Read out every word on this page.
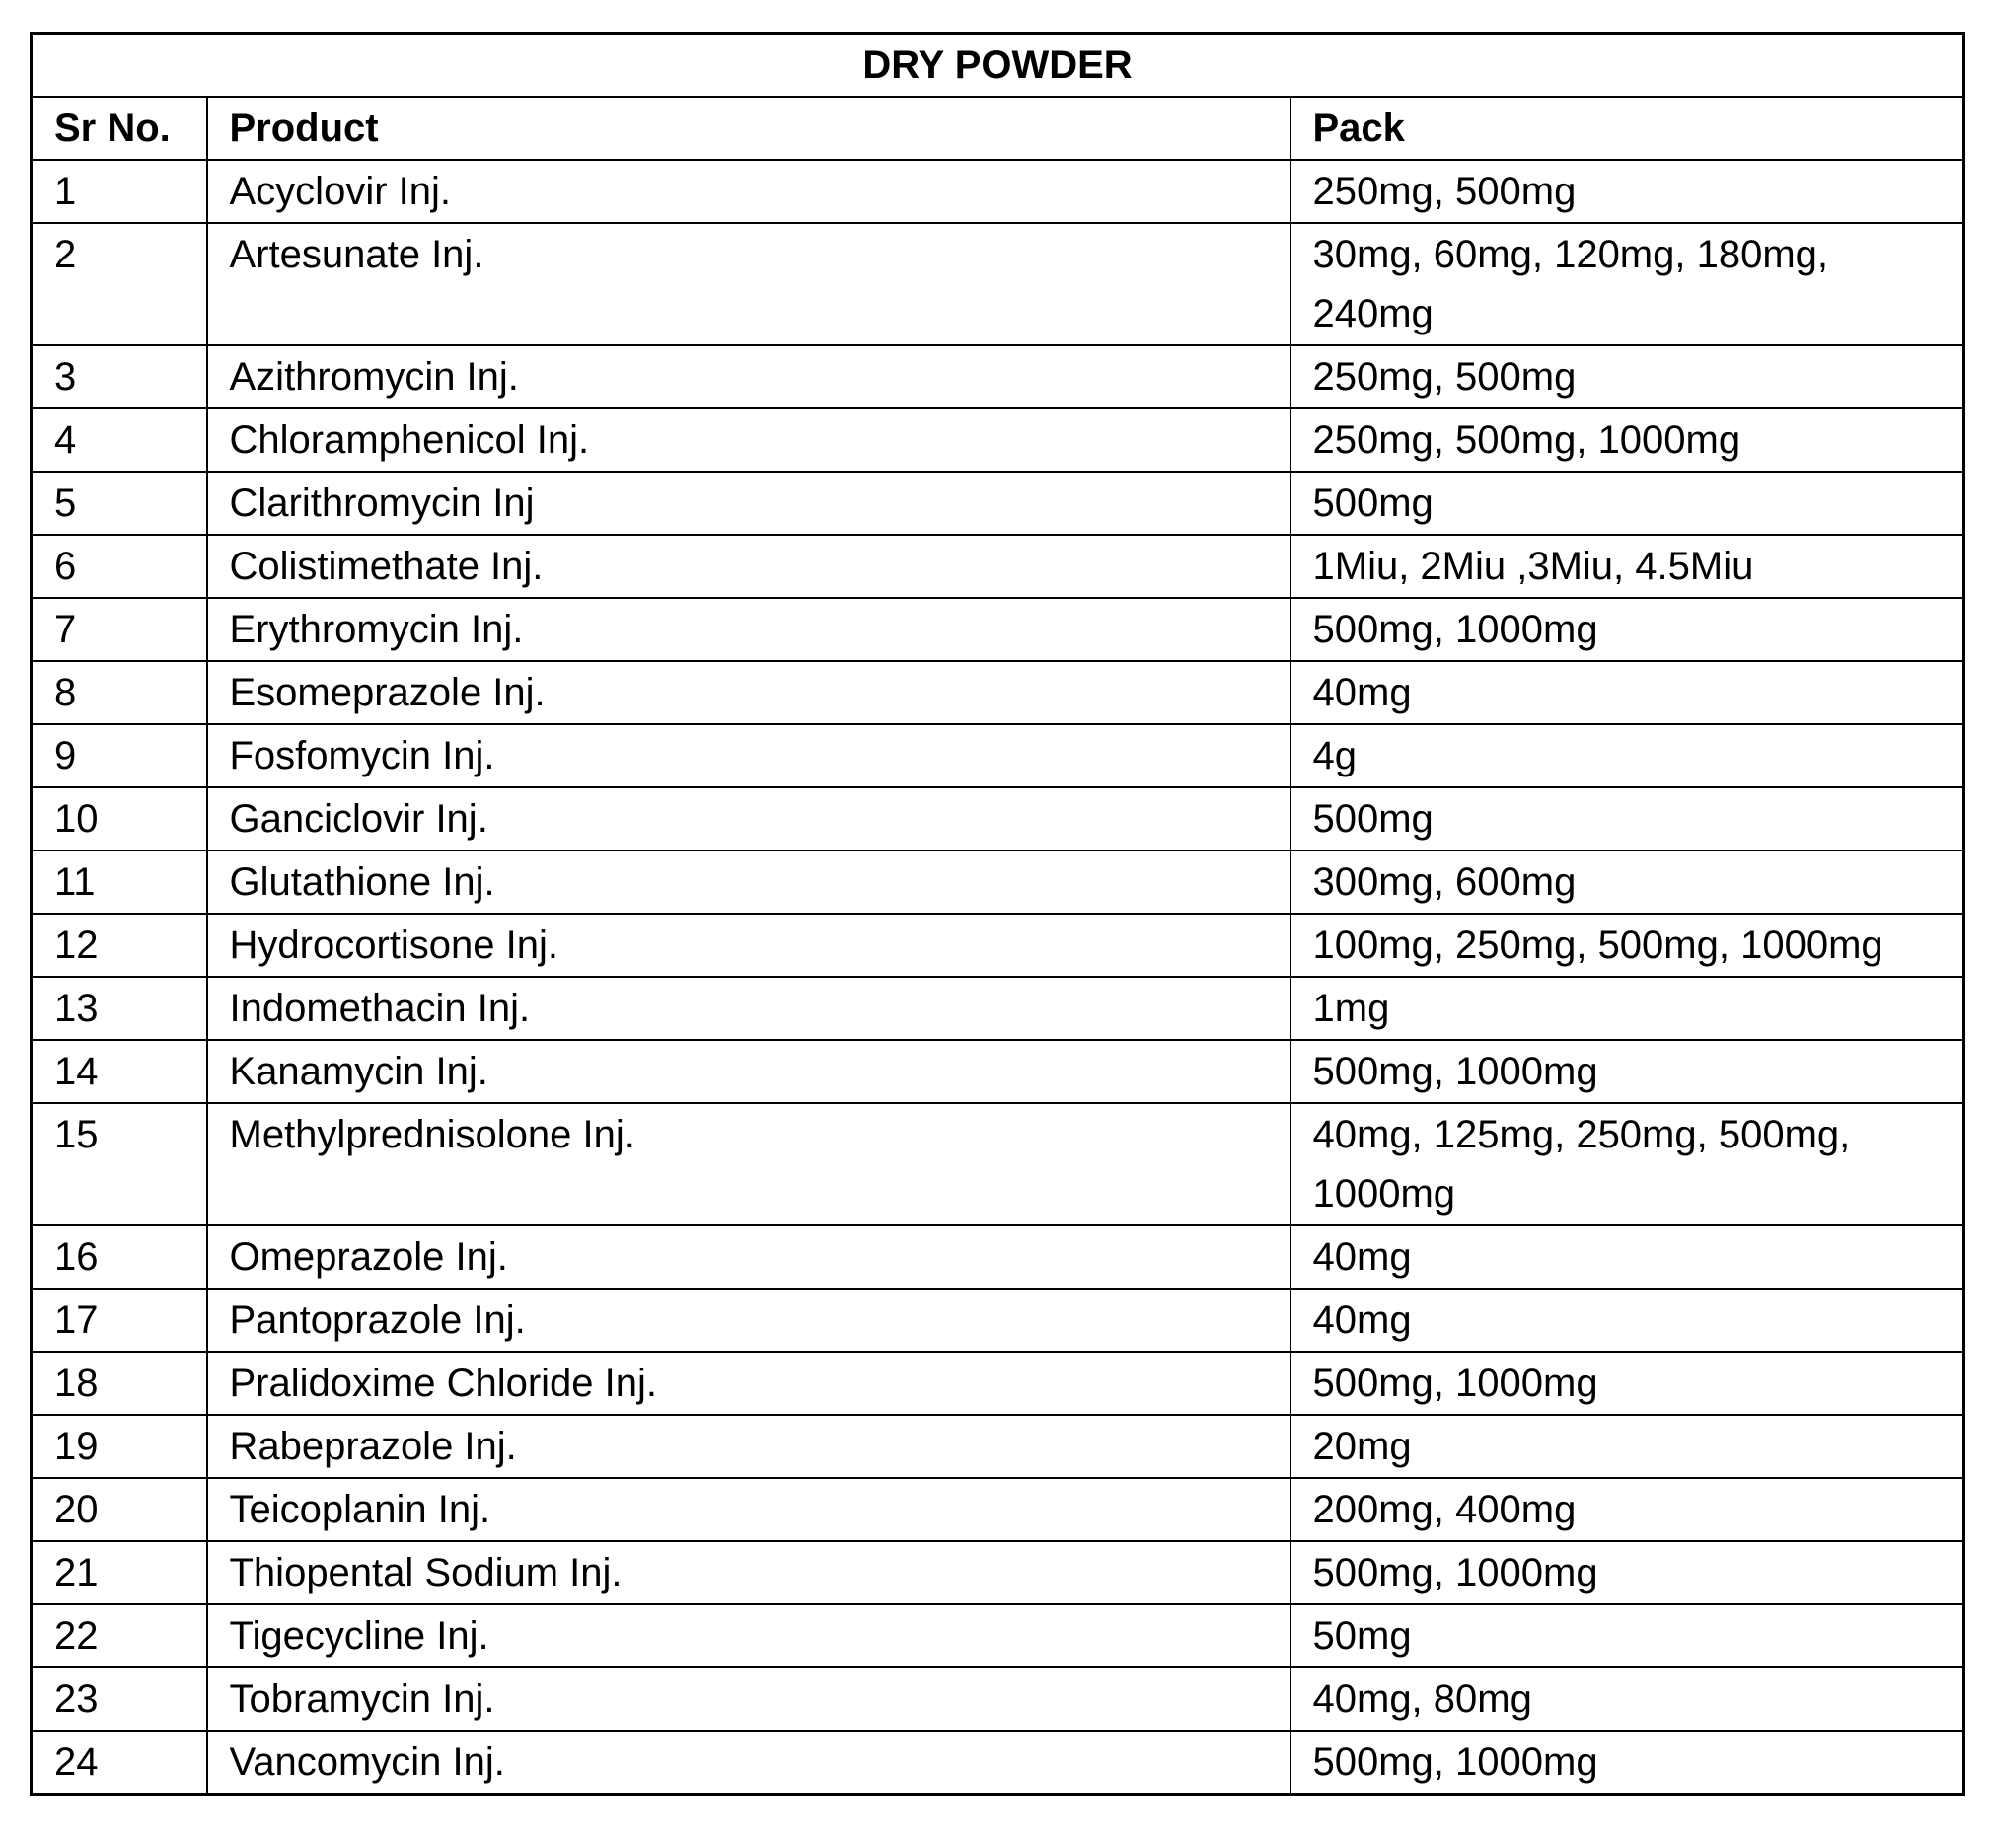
DRY POWDER		
Sr No.	Product	Pack
1	Acyclovir Inj.	250mg, 500mg
2	Artesunate Inj.	30mg, 60mg, 120mg, 180mg, 240mg
3	Azithromycin Inj.	250mg, 500mg
4	Chloramphenicol Inj.	250mg, 500mg, 1000mg
5	Clarithromycin Inj	500mg
6	Colistimethate Inj.	1Miu, 2Miu ,3Miu, 4.5Miu
7	Erythromycin Inj.	500mg, 1000mg
8	Esomeprazole Inj.	40mg
9	Fosfomycin Inj.	4g
10	Ganciclovir Inj.	500mg
11	Glutathione Inj.	300mg, 600mg
12	Hydrocortisone Inj.	100mg, 250mg, 500mg, 1000mg
13	Indomethacin Inj.	1mg
14	Kanamycin Inj.	500mg, 1000mg
15	Methylprednisolone Inj.	40mg, 125mg, 250mg, 500mg, 1000mg
16	Omeprazole Inj.	40mg
17	Pantoprazole Inj.	40mg
18	Pralidoxime Chloride Inj.	500mg, 1000mg
19	Rabeprazole Inj.	20mg
20	Teicoplanin Inj.	200mg, 400mg
21	Thiopental Sodium Inj.	500mg, 1000mg
22	Tigecycline Inj.	50mg
23	Tobramycin Inj.	40mg, 80mg
24	Vancomycin Inj.	500mg, 1000mg
